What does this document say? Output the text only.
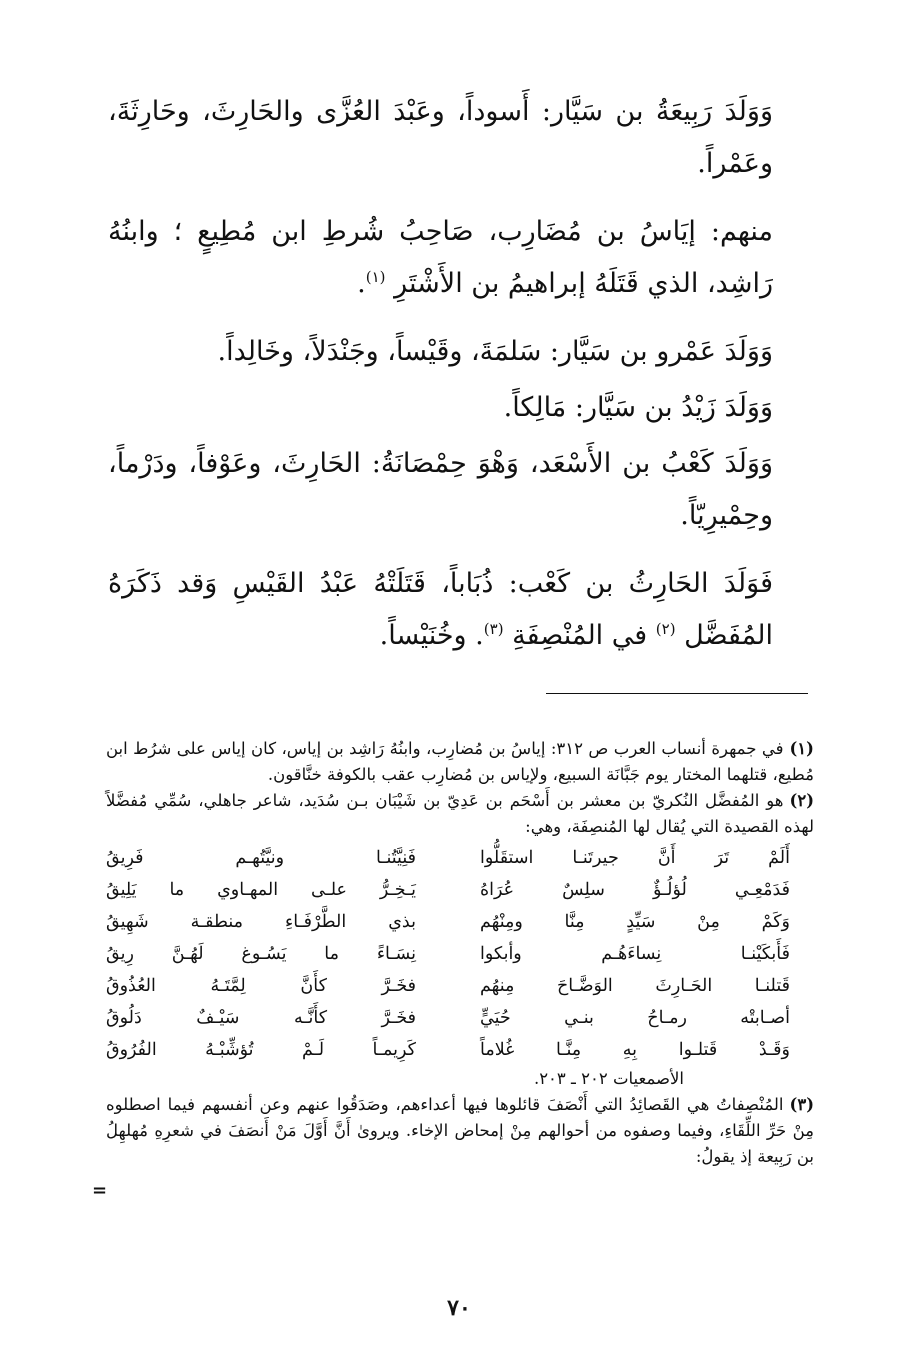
وَوَلَدَ رَبِيعَةُ بن سَيَّار: أَسوداً، وعَبْدَ العُزَّى والحَارِثَ، وحَارِثَةَ، وعَمْراً.

منهم: إيَاسُ بن مُضَارِب، صَاحِبُ شُرطِ ابن مُطِيعٍ ؛ وابنُهُ رَاشِد، الذي قَتَلَهُ إبراهيمُ بن الأَشْتَرِ $^{(١)}$.

وَوَلَدَ عَمْرو بن سَيَّار: سَلمَةَ، وقَيْساً، وجَنْدَلاً، وخَالِداً.

وَوَلَدَ زَيْدُ بن سَيَّار: مَالِكاً.

وَوَلَدَ كَعْبُ بن الأَسْعَد، وَهْوَ حِمْصَانَةُ: الحَارِثَ، وعَوْفاً، ودَرْماً، وحِمْيرِيّاً.

فَوَلَدَ الحَارِثُ بن كَعْب: ذُبَاباً، قَتَلَتْهُ عَبْدُ القَيْسِ وَقد ذَكَرَهُ المُفَضَّل $^{(٢)}$ في المُنْصِفَةِ $^{(٣)}$. وخُنَيْساً.

(١)في جمهرة أنساب العرب ص ٣١٢: إياسُ بن مُضارِب، وابنُهُ رَاشِد بن إياس، كان إياس على شرُط ابن مُطيع، قتلهما المختار يوم جَبَّانَة السبيع، ولإياس بن مُضارِب عقب بالكوفة خنَّاقون.

(٢)هو المُفضَّل النُكريّ بن معشر بن أَسْحَم بن عَدِيّ بن شَيْبَان بـن سُدَيد، شاعر جاهلي، سُمِّي مُفضَّلاً لهذه القصيدة التي يُقال لها المُنصِفَة، وهي:

أَلَمْ تَرَ أَنَّ جيرتَنـا استقَلُّوا
فَنِيَّتُنـا ونيَّتُهـم فَرِيقُ
فَدَمْعِـي لُؤلُـؤٌ سلِسٌ عُرَاهُ
يَـخِـرُّ علـى المهـاوي ما يَلِيقُ
وَكَمْ مِنْ سَيِّدٍ مِنَّا ومِنْهُم
بذي الطَّرْفَـاءِ منطقـة شَهِيقُ
فَأَبكَيْنـا نِساءَهُـم وأبكوا
نِسَـاءً ما يَسُـوغ لَهُـنَّ رِيقُ
قَتلنـا الحَـارِثَ الوَضَّـاحَ مِنهُم
فخَـرَّ كأَنَّ لِمَّتَـهُ العُذُوقُ
أصـابتْه رمـاحُ بنـي حُيَيٍّ
فخَـرَّ كأَنَّـه سَيْـفٌ دَلُوقُ
وَقَـدْ قَتلـوا بِهِ مِنَّـا غُلاماً
كَرِيمـاً لَـمْ تُؤشِّبْـهُ الفُرُوقُ
الأصمعيات ٢٠٢ ـ ٢٠٣.

(٣)المُنْصِفاتُ هي القَصائِدُ التي أَنْصَفَ قائلوها فيها أعداءهم، وصَدَقُوا عنهم وعن أنفسهم فيما اصطلوه مِنْ حَرِّ اللِّقَاءِ، وفيما وصفوه من أحوالهم مِنْ إمحاض الإخاء. ويروىٰ أَنَّ أَوَّلَ مَنْ أَنصَفَ في شعرِهِ مُهلهِلُ بن رَبِيعة إذ يقولُ:

=
٧٠
